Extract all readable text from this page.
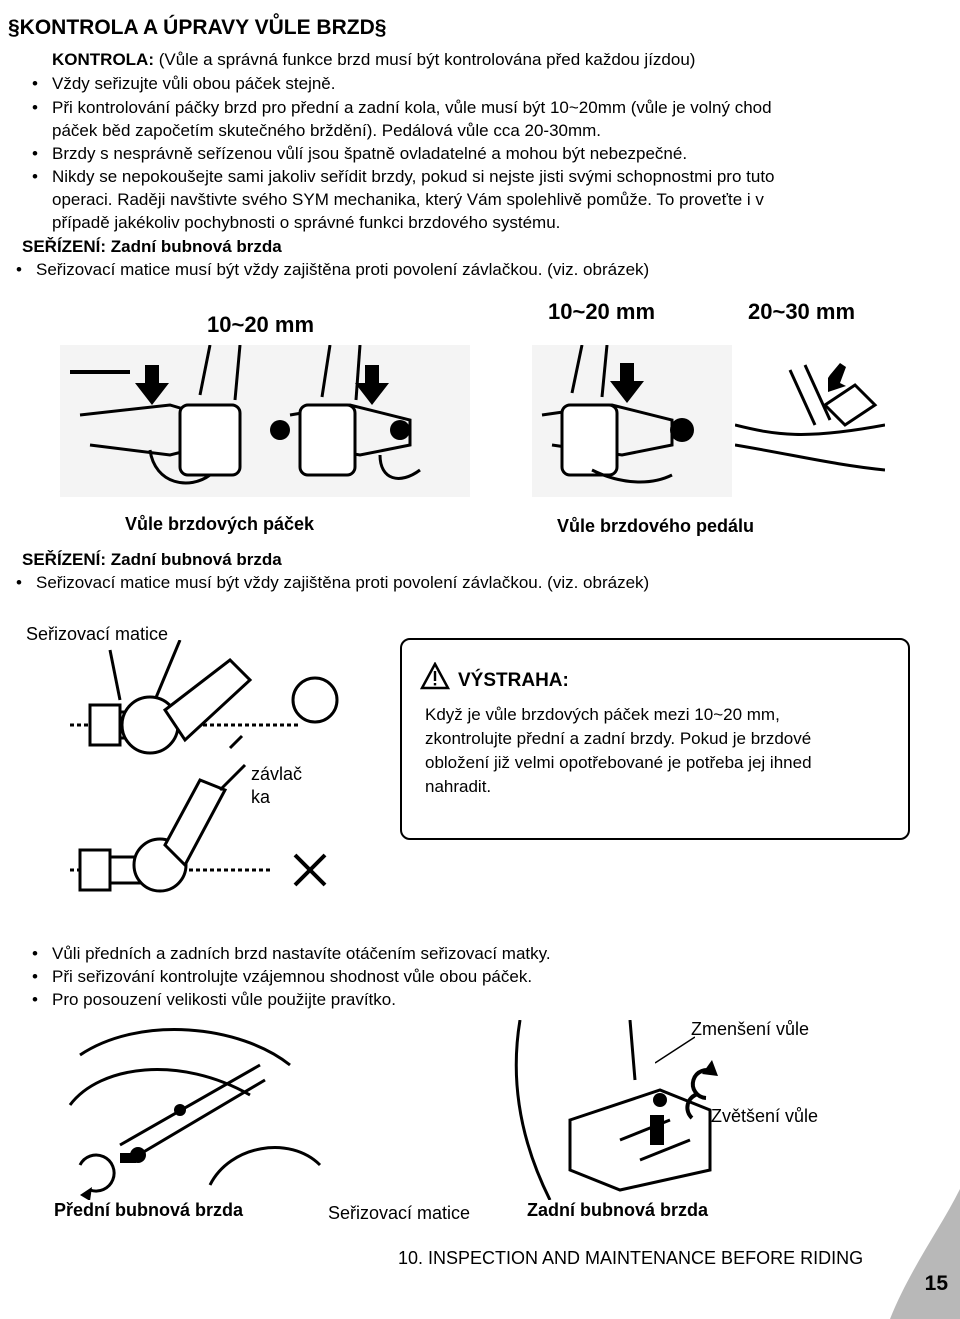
§KONTROLA A ÚPRAVY VŮLE BRZD§
KONTROLA: (Vůle a správná funkce brzd musí být kontrolována před každou jízdou)
• Vždy seřizujte vůli obou páček stejně.
• Při kontrolování páčky brzd pro přední a zadní kola, vůle musí být 10~20mm (vůle je volný chod
páček běd započetím skutečného brždění). Pedálová vůle cca 20-30mm.
• Brzdy s nesprávně seřízenou vůlí jsou špatně ovladatelné a mohou být nebezpečné.
• Nikdy se nepokoušejte sami jakoliv seřídit brzdy, pokud si nejste jisti svými schopnostmi pro tuto
operaci. Raději navštivte svého SYM mechanika, který Vám spolehlivě pomůže. To proveťte i v
případě jakékoliv pochybnosti o správné funkci brzdového systému.
SEŘÍZENÍ: Zadní bubnová brzda
• Seřizovací matice musí být vždy zajištěna proti povolení závlačkou. (viz. obrázek)
10~20 mm
10~20 mm	20~30 mm
Vůle brzdových páček	Vůle brzdového pedálu
SEŘÍZENÍ: Zadní bubnová brzda
• Seřizovací matice musí být vždy zajištěna proti povolení závlačkou. (viz. obrázek)
Seřizovací matice
závlač
ka
VÝSTRAHA:
Když je vůle brzdových páček mezi 10~20 mm,
zkontrolujte přední a zadní brzdy. Pokud je brzdové
obložení již velmi opotřebované je potřeba jej ihned
nahradit.
• Vůli předních a zadních brzd nastavíte otáčením seřizovací matky.
• Při seřizování kontrolujte vzájemnou shodnost vůle obou páček.
• Pro posouzení velikosti vůle použijte pravítko.
Zmenšení vůle
Zvětšení vůle
Přední bubnová brzda	Seřizovací matice	Zadní bubnová brzda
10. INSPECTION AND MAINTENANCE BEFORE RIDING
15
